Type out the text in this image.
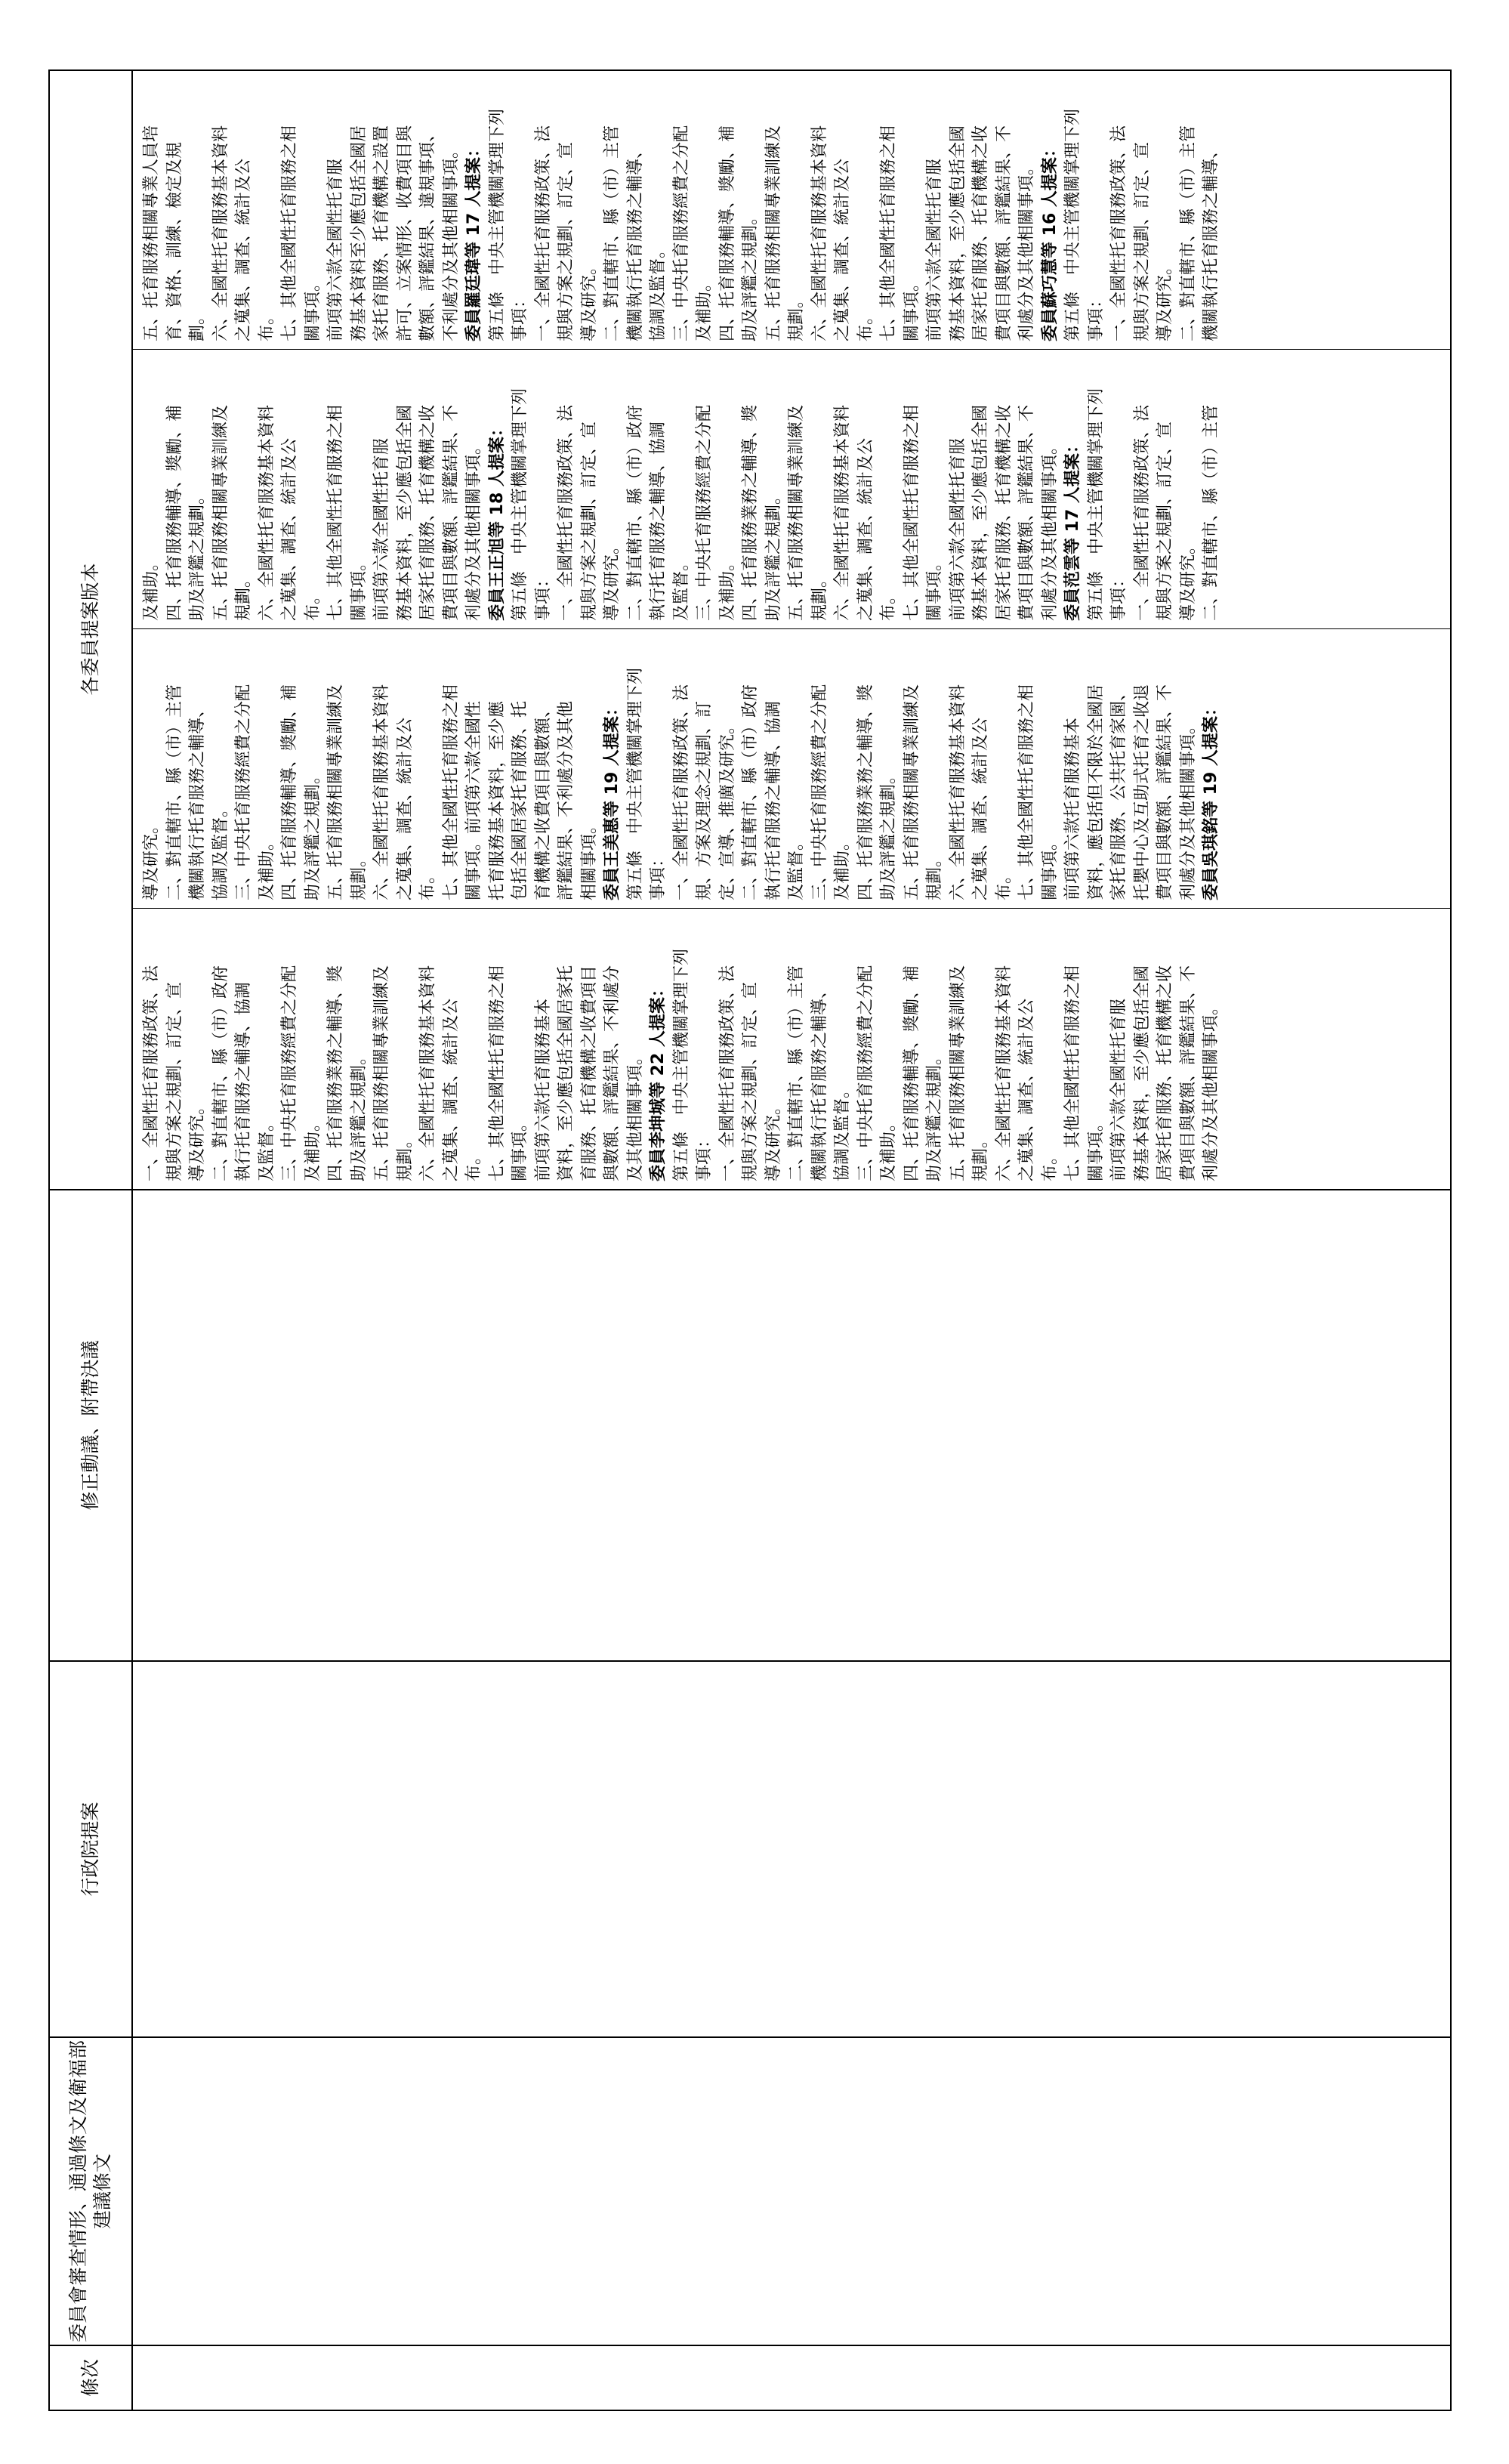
條次
委員會審查情形、通過條文及衛福部建議條文
行政院提案
修正動議、附帶決議
各委員提案版本
一、全國性托育服務政策、法 規與方案之規劃、訂定、宣 導及研究。 二、對直轄市、縣（市）政府 執行托育服務之輔導、協調 及監督。 三、中央托育服務經費之分配 及補助。 四、托育服務業務之輔導、獎 助及評鑑之規劃。 五、托育服務相關專業訓練及 規劃。 六、全國性托育服務基本資料 之蒐集、調查、統計及公 布。 七、其他全國性托育服務之相 關事項。 前項第六款托育服務基本 資料，至少應包括全國居家托 育服務、托育機構之收費項目 與數額、評鑑結果、不利處分 及其他相關事項。 委員李坤城等 22 人提案： 第五條　中央主管機關掌理下列 事項： 一、全國性托育服務政策、法 規與方案之規劃、訂定、宣 導及研究。 二、對直轄市、縣（市）主管 機關執行托育服務之輔導、 協調及監督。 三、中央托育服務經費之分配 及補助。 四、托育服務輔導、獎勵、補 助及評鑑之規劃。 五、托育服務相關專業訓練及 規劃。 六、全國性托育服務基本資料 之蒐集、調查、統計及公 布。 七、其他全國性托育服務之相 關事項。 前項第六款全國性托育服 務基本資料，至少應包括全國 居家托育服務、托育機構之收 費項目與數額、評鑑結果、不 利處分及其他相關事項。
導及研究。 二、對直轄市、縣（市）主管 機關執行托育服務之輔導、 協調及監督。 三、中央托育服務經費之分配 及補助。 四、托育服務輔導、獎勵、補 助及評鑑之規劃。 五、托育服務相關專業訓練及 規劃。 六、全國性托育服務基本資料 之蒐集、調查、統計及公 布。 七、其他全國性托育服務之相 關事項。前項第六款全國性 托育服務基本資料，至少應 包括全國居家托育服務、托 育機構之收費項目與數額、 評鑑結果、不利處分及其他 相關事項。 委員王美惠等 19 人提案： 第五條　中央主管機關掌理下列 事項： 一、全國性托育服務政策、法 規、方案及理念之規劃、訂 定、宣導、推廣及研究。 二、對直轄市、縣（市）政府 執行托育服務之輔導、協調 及監督。 三、中央托育服務經費之分配 及補助。 四、托育服務業務之輔導、獎 助及評鑑之規劃。 五、托育服務相關專業訓練及 規劃。 六、全國性托育服務基本資料 之蒐集、調查、統計及公 布。 七、其他全國性托育服務之相 關事項。 前項第六款托育服務基本 資料，應包括但不限於全國居 家托育服務、公共托育家園、 托嬰中心及互助式托育之收退 費項目與數額、評鑑結果、不 利處分及其他相關事項。 委員吳琪銘等 19 人提案：
及補助。 四、托育服務輔導、獎勵、補 助及評鑑之規劃。 五、托育服務相關專業訓練及 規劃。 六、全國性托育服務基本資料 之蒐集、調查、統計及公 布。 七、其他全國性托育服務之相 關事項。 前項第六款全國性托育服 務基本資料，至少應包括全國 居家托育服務、托育機構之收 費項目與數額、評鑑結果、不 利處分及其他相關事項。 委員王正旭等 18 人提案： 第五條　中央主管機關掌理下列 事項： 一、全國性托育服務政策、法 規與方案之規劃、訂定、宣 導及研究。 二、對直轄市、縣（市）政府 執行托育服務之輔導、協調 及監督。 三、中央托育服務經費之分配 及補助。 四、托育服務業務之輔導、獎 助及評鑑之規劃。 五、托育服務相關專業訓練及 規劃。 六、全國性托育服務基本資料 之蒐集、調查、統計及公 布。 七、其他全國性托育服務之相 關事項。 前項第六款全國性托育服 務基本資料，至少應包括全國 居家托育服務、托育機構之收 費項目與數額、評鑑結果、不 利處分及其他相關事項。 委員范雲等 17 人提案： 第五條　中央主管機關掌理下列 事項： 一、全國性托育服務政策、法 規與方案之規劃、訂定、宣 導及研究。 二、對直轄市、縣（市）主管
五、托育服務相關專業人員培 育、資格、訓練、檢定及規 劃。 六、全國性托育服務基本資料 之蒐集、調查、統計及公 布。 七、其他全國性托育服務之相 關事項。 前項第六款全國性托育服 務基本資料至少應包括全國居 家托育服務、托育機構之設置 許可、立案情形、收費項目與 數額、評鑑結果、違規事項、 不利處分及其他相關事項。 委員羅廷瑋等 17 人提案： 第五條　中央主管機關掌理下列 事項： 一、全國性托育服務政策、法 規與方案之規劃、訂定、宣 導及研究。 二、對直轄市、縣（市）主管 機關執行托育服務之輔導、 協調及監督。 三、中央托育服務經費之分配 及補助。 四、托育服務輔導、獎勵、補 助及評鑑之規劃。 五、托育服務相關專業訓練及 規劃。 六、全國性托育服務基本資料 之蒐集、調查、統計及公 布。 七、其他全國性托育服務之相 關事項。 前項第六款全國性托育服 務基本資料，至少應包括全國 居家托育服務、托育機構之收 費項目與數額、評鑑結果、不 利處分及其他相關事項。 委員蘇巧慧等 16 人提案： 第五條　中央主管機關掌理下列 事項： 一、全國性托育服務政策、法 規與方案之規劃、訂定、宣 導及研究。 二、對直轄市、縣（市）主管 機關執行托育服務之輔導、
